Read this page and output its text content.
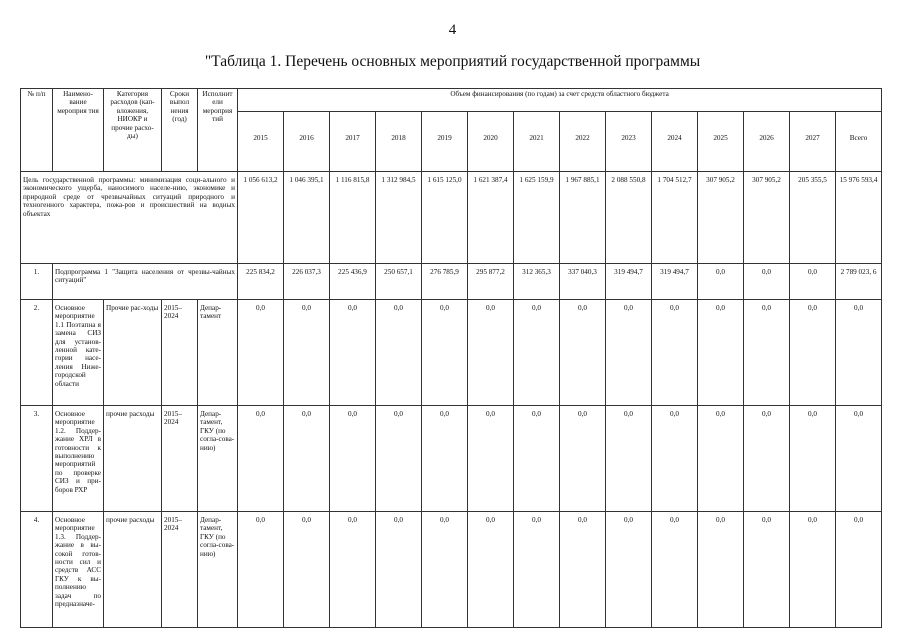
4
"Таблица 1. Перечень основных мероприятий государственной программы
№ п/п	Наимено-вание мероприя тия	Категория расходов (кап-вложения, НИОКР и прочие расхо-ды)	Сроки выпол нения (год)	Исполнит ели мероприя тий	Объем финансирования (по годам) за счет средств областного бюджета													
					2015	2016	2017	2018	2019	2020	2021	2022	2023	2024	2025	2026	2027	Всего
Цель государственной программы: минимизация соци-ального и экономического ущерба, наносимого населе-нию, экономике и природной среде от чрезвычайных ситуаций природного и техногенного характера, пожа-ров и происшествий на водных объектах					1 056 613,2	1 046 395,1	1 116 815,8	1 312 984,5	1 615 125,0	1 621 387,4	1 625 159,9	1 967 885,1	2 088 550,8	1 704 512,7	307 905,2	307 905,2	205 355,5	15 976 593,4
1.	Подпрограмма 1 "Защита населения от чрезвы-чайных ситуаций"				225 834,2	226 037,3	225 436,9	250 657,1	276 785,9	295 877,2	312 365,3	337 040,3	319 494,7	319 494,7	0,0	0,0	0,0	2 789 023, 6
2.	Основное мероприятие 1.1 Поэтапна я замена СИЗ для установ-ленной кате-гории насе-ления Ниже-городской области	Прочие рас-ходы	2015–2024	Депар-тамент	0,0	0,0	0,0	0,0	0,0	0,0	0,0	0,0	0,0	0,0	0,0	0,0	0,0	0,0
3.	Основное мероприятие 1.2. Поддер-жание ХРЛ в готовности к выполнению мероприятий по проверке СИЗ и при-боров РХР	прочие расходы	2015–2024	Депар-тамент, ГКУ (по согла-сова-нию)	0,0	0,0	0,0	0,0	0,0	0,0	0,0	0,0	0,0	0,0	0,0	0,0	0,0	0,0
4.	Основное мероприятие 1.3. Поддер-жание в вы-сокой готов-ности сил и средств АСС ГКУ к вы-полнению задач по предназначе-	прочие расходы	2015–2024	Депар-тамент, ГКУ (по согла-сова-нию)	0,0	0,0	0,0	0,0	0,0	0,0	0,0	0,0	0,0	0,0	0,0	0,0	0,0	0,0
